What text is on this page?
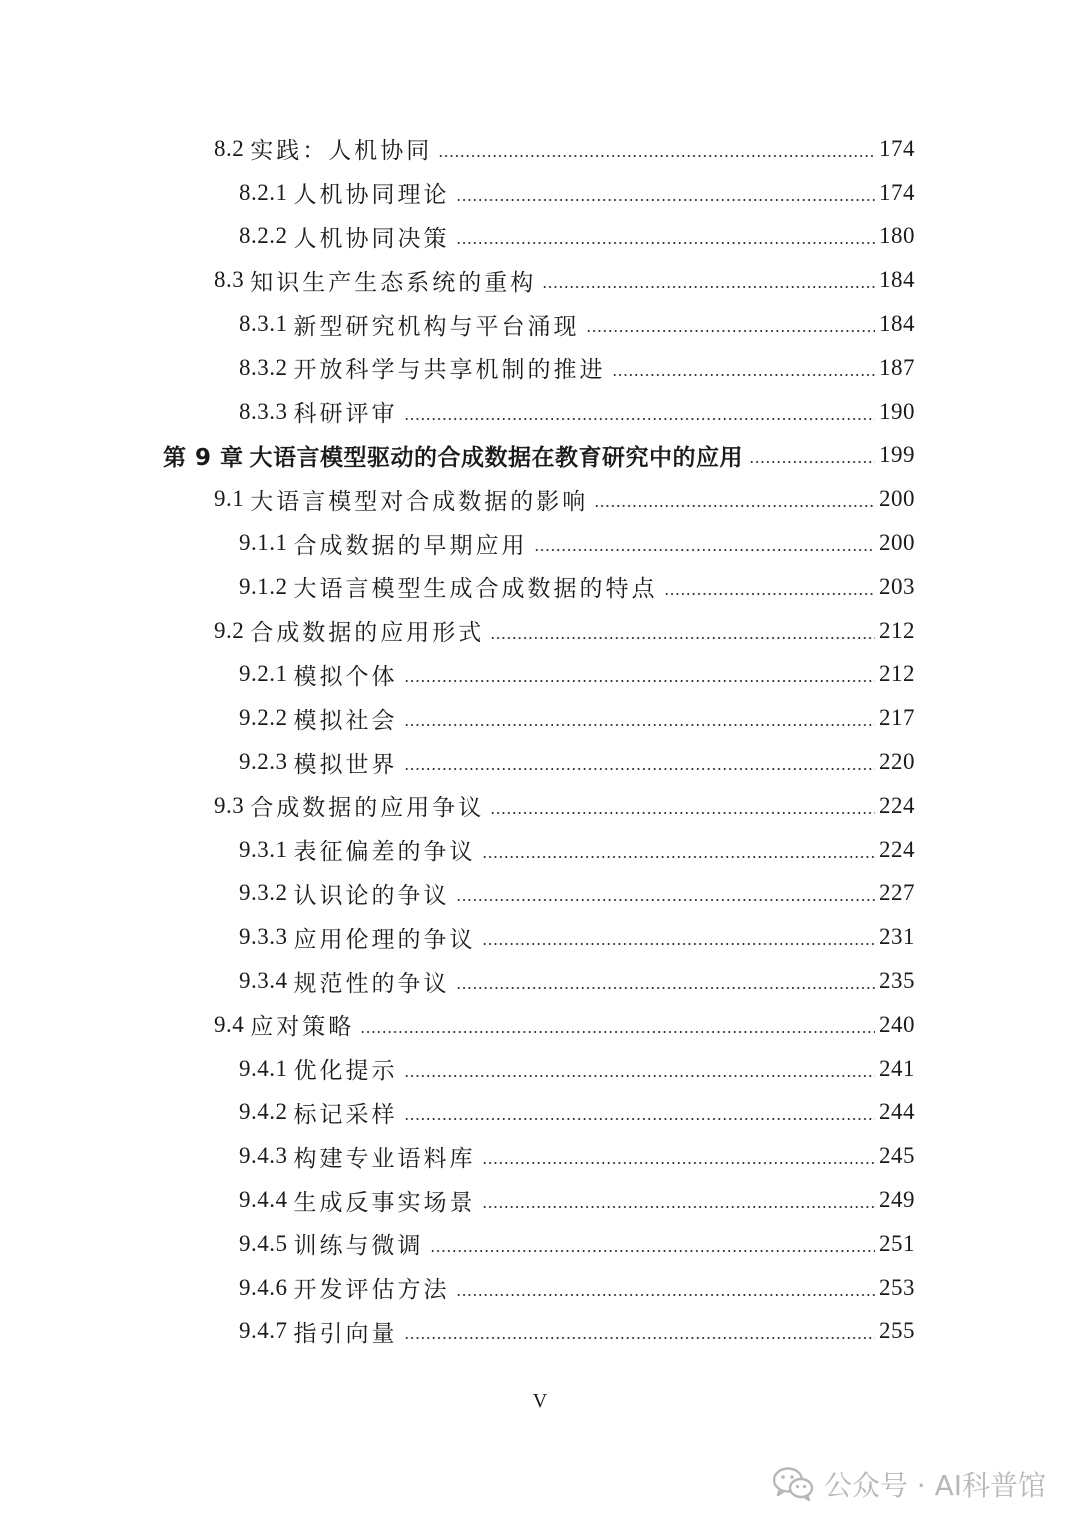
8.2 实践：人机协同	174
8.2.1 人机协同理论	174
8.2.2 人机协同决策	180
8.3 知识生产生态系统的重构	184
8.3.1 新型研究机构与平台涌现	184
8.3.2 开放科学与共享机制的推进	187
8.3.3 科研评审	190
第 9 章 大语言模型驱动的合成数据在教育研究中的应用	199
9.1 大语言模型对合成数据的影响	200
9.1.1 合成数据的早期应用	200
9.1.2 大语言模型生成合成数据的特点	203
9.2 合成数据的应用形式	212
9.2.1 模拟个体	212
9.2.2 模拟社会	217
9.2.3 模拟世界	220
9.3 合成数据的应用争议	224
9.3.1 表征偏差的争议	224
9.3.2 认识论的争议	227
9.3.3 应用伦理的争议	231
9.3.4 规范性的争议	235
9.4 应对策略	240
9.4.1 优化提示	241
9.4.2 标记采样	244
9.4.3 构建专业语料库	245
9.4.4 生成反事实场景	249
9.4.5 训练与微调	251
9.4.6 开发评估方法	253
9.4.7 指引向量	255
V
公众号 · AI科普馆
